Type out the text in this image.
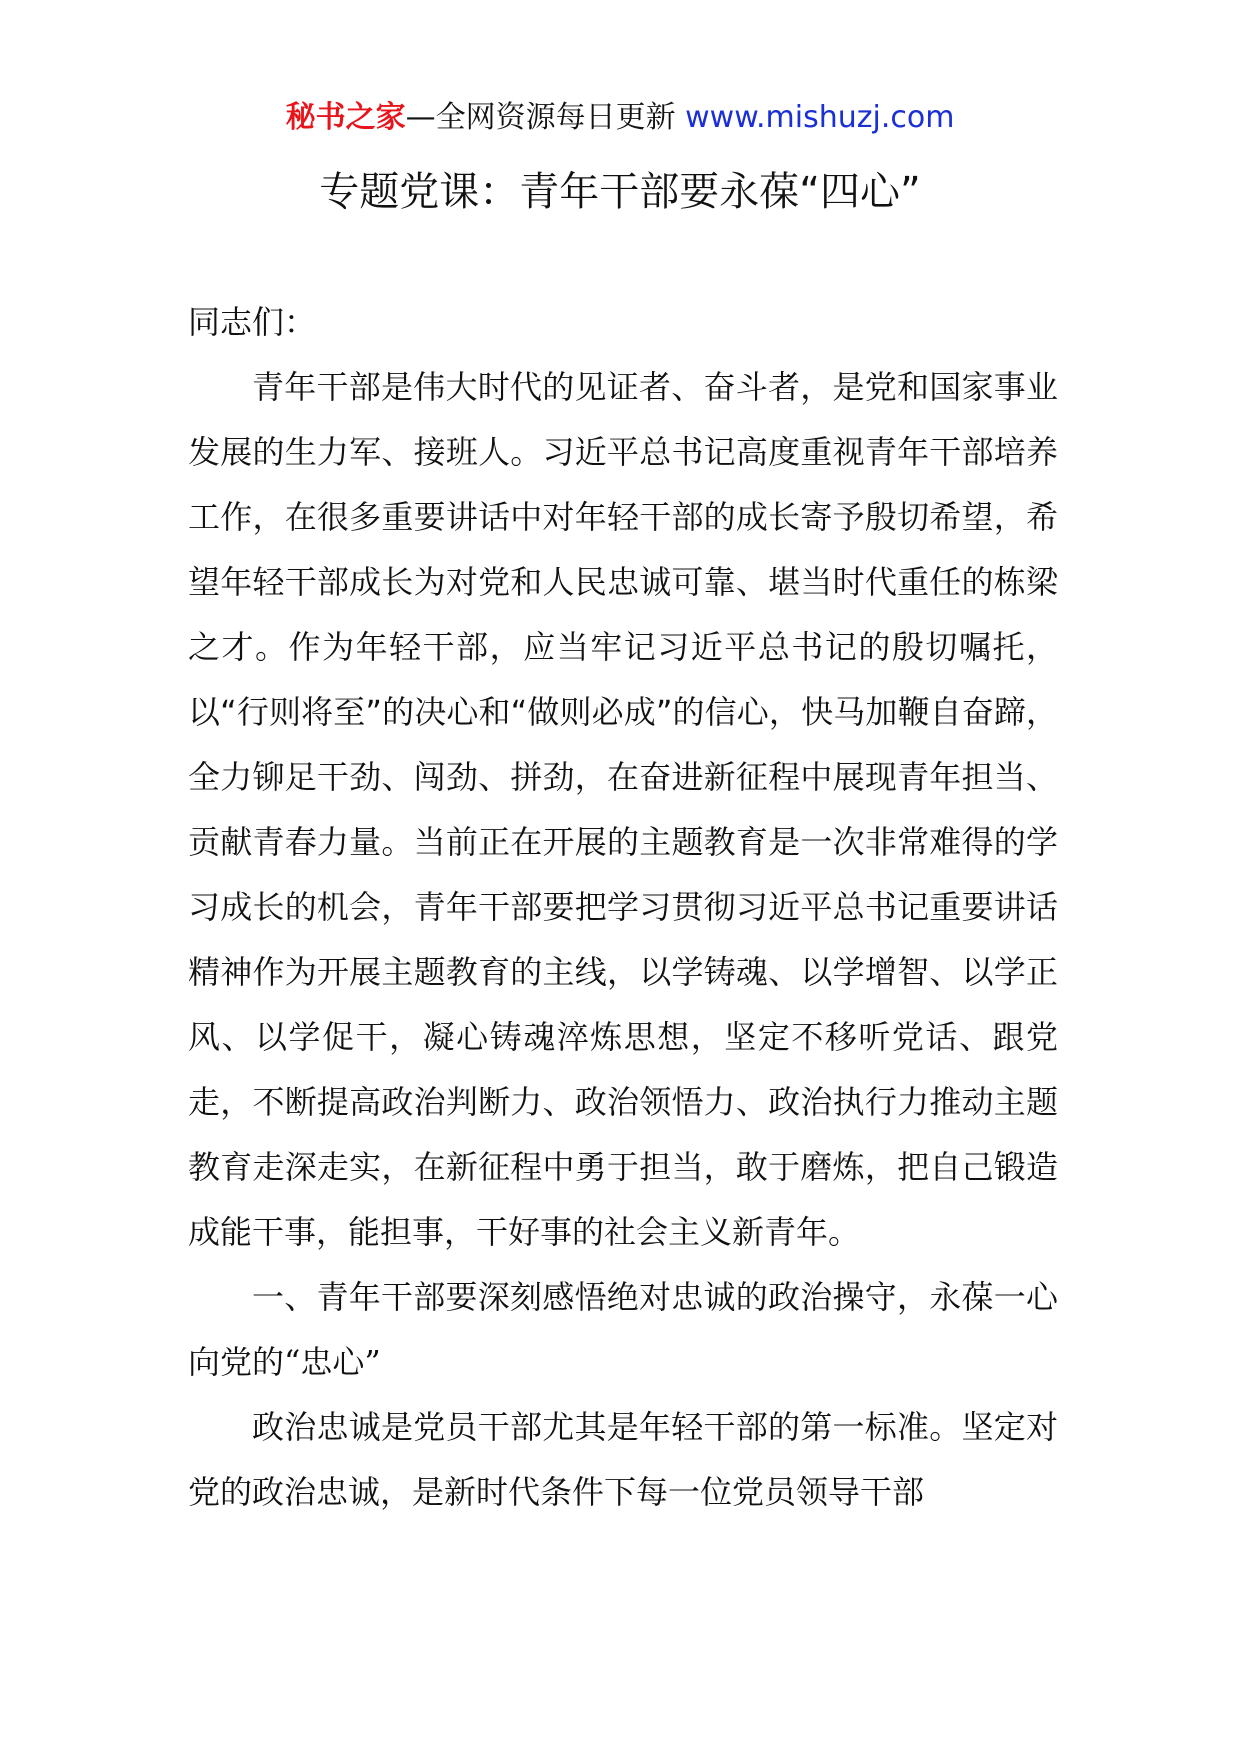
秘书之家—全网资源每日更新 www.mishuzj.com
专题党课：青年干部要永葆“四心”

同志们：

青年干部是伟大时代的见证者、奋斗者，是党和国家事业发展的生力军、接班人。习近平总书记高度重视青年干部培养工作，在很多重要讲话中对年轻干部的成长寄予殷切希望，希望年轻干部成长为对党和人民忠诚可靠、堪当时代重任的栋梁之才。作为年轻干部，应当牢记习近平总书记的殷切嘱托，以“行则将至”的决心和“做则必成”的信心，快马加鞭自奋蹄，全力铆足干劲、闯劲、拼劲，在奋进新征程中展现青年担当、贡献青春力量。当前正在开展的主题教育是一次非常难得的学习成长的机会，青年干部要把学习贯彻习近平总书记重要讲话精神作为开展主题教育的主线，以学铸魂、以学增智、以学正风、以学促干，凝心铸魂淬炼思想，坚定不移听党话、跟党走，不断提高政治判断力、政治领悟力、政治执行力推动主题教育走深走实，在新征程中勇于担当，敢于磨炼，把自己锻造成能干事，能担事，干好事的社会主义新青年。

一、青年干部要深刻感悟绝对忠诚的政治操守，永葆一心向党的“忠心”

政治忠诚是党员干部尤其是年轻干部的第一标准。坚定对党的政治忠诚，是新时代条件下每一位党员领导干部
